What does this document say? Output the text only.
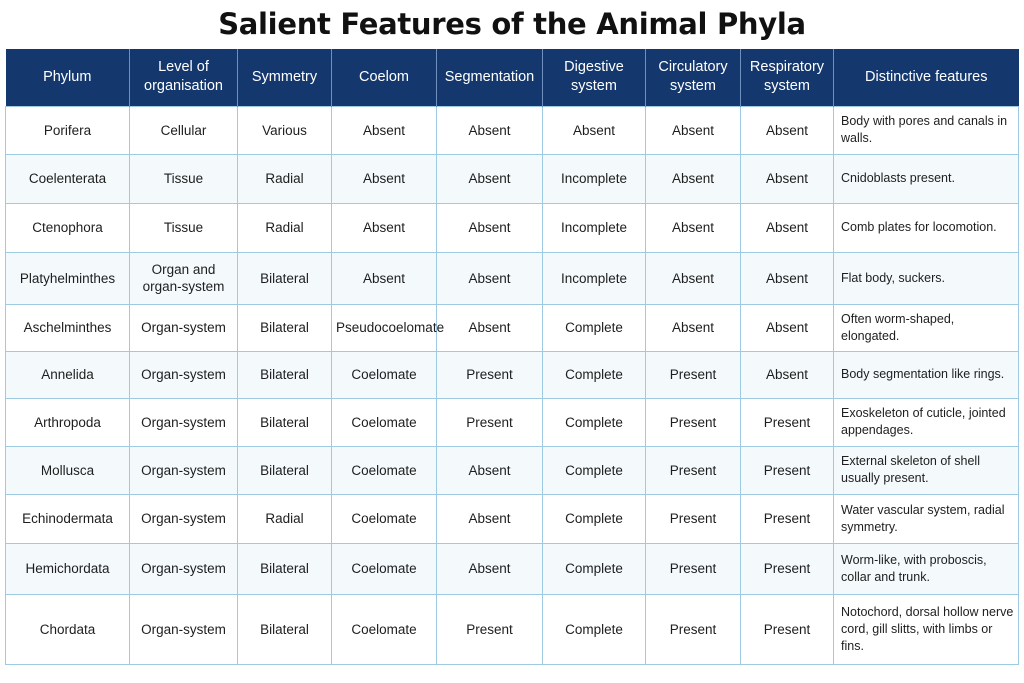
Salient Features of the Animal Phyla
Phylum	Level of organisation	Symmetry	Coelom	Segmentation	Digestive system	Circulatory system	Respiratory system	Distinctive features
Porifera	Cellular	Various	Absent	Absent	Absent	Absent	Absent	Body with pores and canals in walls.
Coelenterata	Tissue	Radial	Absent	Absent	Incomplete	Absent	Absent	Cnidoblasts present.
Ctenophora	Tissue	Radial	Absent	Absent	Incomplete	Absent	Absent	Comb plates for locomotion.
Platyhelminthes	Organ and organ-system	Bilateral	Absent	Absent	Incomplete	Absent	Absent	Flat body, suckers.
Aschelminthes	Organ-system	Bilateral	Pseudocoelomate	Absent	Complete	Absent	Absent	Often worm-shaped, elongated.
Annelida	Organ-system	Bilateral	Coelomate	Present	Complete	Present	Absent	Body segmentation like rings.
Arthropoda	Organ-system	Bilateral	Coelomate	Present	Complete	Present	Present	Exoskeleton of cuticle, jointed appendages.
Mollusca	Organ-system	Bilateral	Coelomate	Absent	Complete	Present	Present	External skeleton of shell usually present.
Echinodermata	Organ-system	Radial	Coelomate	Absent	Complete	Present	Present	Water vascular system, radial symmetry.
Hemichordata	Organ-system	Bilateral	Coelomate	Absent	Complete	Present	Present	Worm-like, with proboscis, collar and trunk.
Chordata	Organ-system	Bilateral	Coelomate	Present	Complete	Present	Present	Notochord, dorsal hollow nerve cord, gill slitts, with limbs or fins.
